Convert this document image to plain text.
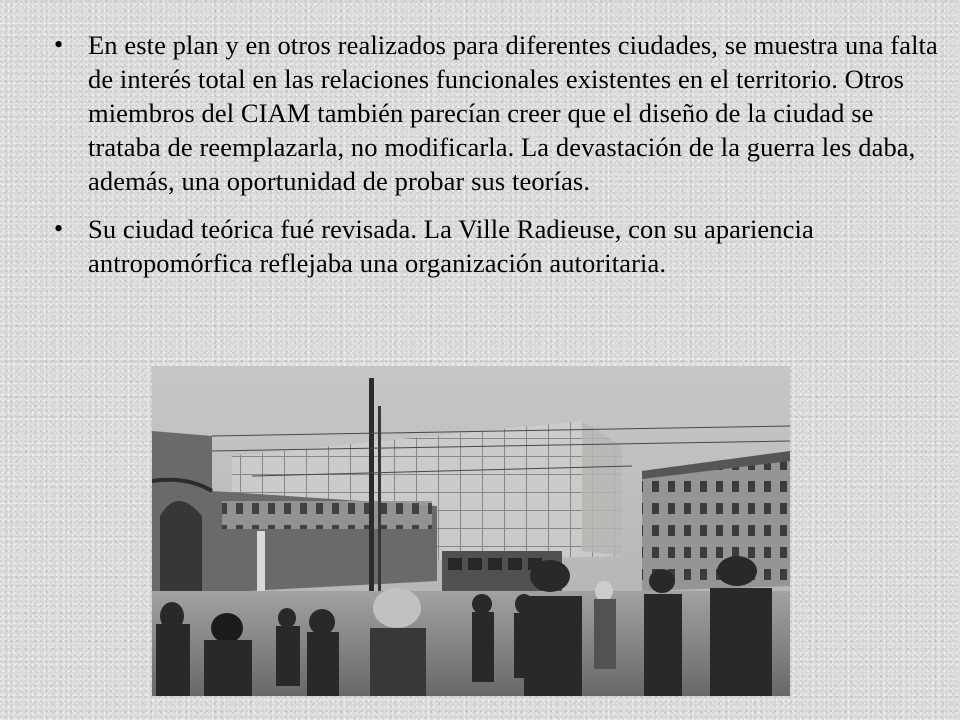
• En este plan y en otros realizados para diferentes ciudades, se muestra una falta de interés total en las relaciones funcionales existentes en el territorio. Otros miembros del CIAM también parecían creer que el diseño de la ciudad se trataba de reemplazarla, no modificarla. La devastación de la guerra les daba, además, una oportunidad de probar sus teorías.
• Su ciudad teórica fué revisada. La Ville Radieuse, con su apariencia antropomórfica reflejaba una organización autoritaria.
